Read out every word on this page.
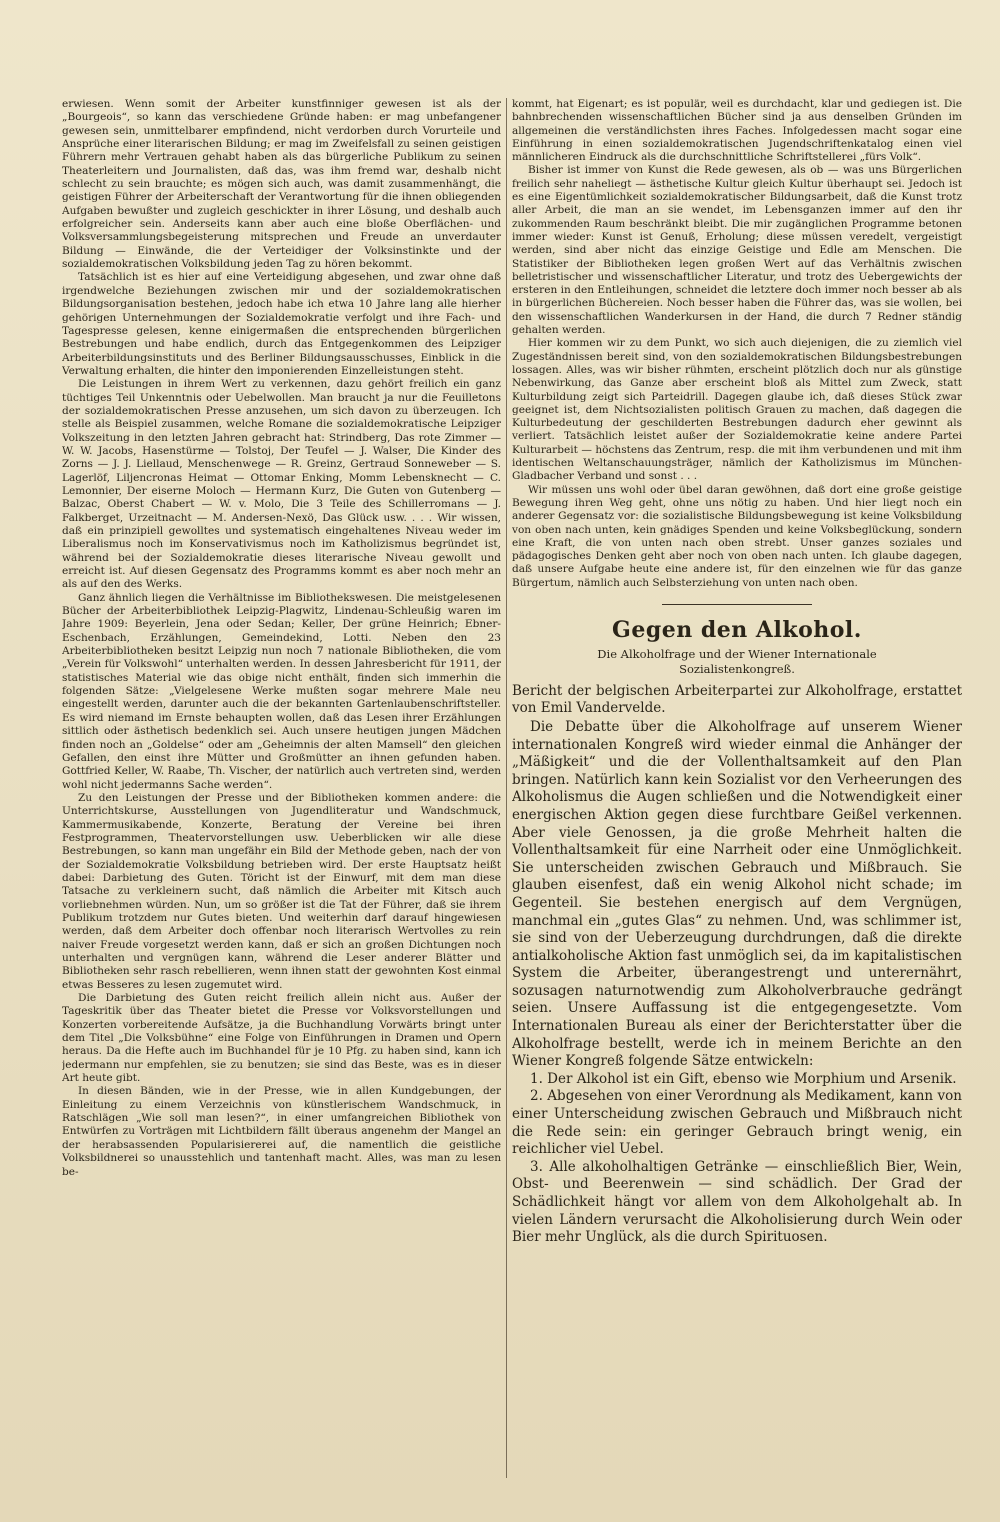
erwiesen. Wenn somit der Arbeiter kunstfinniger gewesen ist als der „Bourgeois“, so kann das verschiedene Gründe haben: er mag unbefangener gewesen sein, unmittelbarer empfindend, nicht verdorben durch Vorurteile und Ansprüche einer literarischen Bildung; er mag im Zweifelsfall zu seinen geistigen Führern mehr Vertrauen gehabt haben als das bürgerliche Publikum zu seinen Theaterleitern und Journalisten, daß das, was ihm fremd war, deshalb nicht schlecht zu sein brauchte; es mögen sich auch, was damit zusammenhängt, die geistigen Führer der Arbeiterschaft der Verantwortung für die ihnen obliegenden Aufgaben bewußter und zugleich geschickter in ihrer Lösung, und deshalb auch erfolgreicher sein. Anderseits kann aber auch eine bloße Oberflächen- und Volksversammlungsbegeisterung mitsprechen und Freude an unverdauter Bildung — Einwände, die der Verteidiger der Volksinstinkte und der sozialdemokratischen Volksbildung jeden Tag zu hören bekommt.

Tatsächlich ist es hier auf eine Verteidigung abgesehen, und zwar ohne daß irgendwelche Beziehungen zwischen mir und der sozialdemokratischen Bildungsorganisation bestehen, jedoch habe ich etwa 10 Jahre lang alle hierher gehörigen Unternehmungen der Sozialdemokratie verfolgt und ihre Fach- und Tagespresse gelesen, kenne einigermaßen die entsprechenden bürgerlichen Bestrebungen und habe endlich, durch das Entgegenkommen des Leipziger Arbeiterbildungsinstituts und des Berliner Bildungsausschusses, Einblick in die Verwaltung erhalten, die hinter den imponierenden Einzelleistungen steht.

Die Leistungen in ihrem Wert zu verkennen, dazu gehört freilich ein ganz tüchtiges Teil Unkenntnis oder Uebelwollen. Man braucht ja nur die Feuilletons der sozialdemokratischen Presse anzusehen, um sich davon zu überzeugen. Ich stelle als Beispiel zusammen, welche Romane die sozialdemokratische Leipziger Volkszeitung in den letzten Jahren gebracht hat: Strindberg, Das rote Zimmer — W. W. Jacobs, Hasenstürme — Tolstoj, Der Teufel — J. Walser, Die Kinder des Zorns — J. J. Liellaud, Menschenwege — R. Greinz, Gertraud Sonneweber — S. Lagerlöf, Liljencronas Heimat — Ottomar Enking, Momm Lebensknecht — C. Lemonnier, Der eiserne Moloch — Hermann Kurz, Die Guten von Gutenberg — Balzac, Oberst Chabert — W. v. Molo, Die 3 Teile des Schillerromans — J. Falkberget, Urzeitnacht — M. Andersen-Nexö, Das Glück usw. . . . Wir wissen, daß ein prinzipiell gewolltes und systematisch eingehaltenes Niveau weder im Liberalismus noch im Konservativismus noch im Katholizismus begründet ist, während bei der Sozialdemokratie dieses literarische Niveau gewollt und erreicht ist. Auf diesen Gegensatz des Programms kommt es aber noch mehr an als auf den des Werks.

Ganz ähnlich liegen die Verhältnisse im Bibliothekswesen. Die meistgelesenen Bücher der Arbeiterbibliothek Leipzig-Plagwitz, Lindenau-Schleußig waren im Jahre 1909: Beyerlein, Jena oder Sedan; Keller, Der grüne Heinrich; Ebner-Eschenbach, Erzählungen, Gemeindekind, Lotti. Neben den 23 Arbeiterbibliotheken besitzt Leipzig nun noch 7 nationale Bibliotheken, die vom „Verein für Volkswohl“ unterhalten werden. In dessen Jahresbericht für 1911, der statistisches Material wie das obige nicht enthält, finden sich immerhin die folgenden Sätze: „Vielgelesene Werke mußten sogar mehrere Male neu eingestellt werden, darunter auch die der bekannten Gartenlaubenschriftsteller. Es wird niemand im Ernste behaupten wollen, daß das Lesen ihrer Erzählungen sittlich oder ästhetisch bedenklich sei. Auch unsere heutigen jungen Mädchen finden noch an „Goldelse“ oder am „Geheimnis der alten Mamsell“ den gleichen Gefallen, den einst ihre Mütter und Großmütter an ihnen gefunden haben. Gottfried Keller, W. Raabe, Th. Vischer, der natürlich auch vertreten sind, werden wohl nicht jedermanns Sache werden“.

Zu den Leistungen der Presse und der Bibliotheken kommen andere: die Unterrichtskurse, Ausstellungen von Jugendliteratur und Wandschmuck, Kammermusikabende, Konzerte, Beratung der Vereine bei ihren Festprogrammen, Theatervorstellungen usw. Ueberblicken wir alle diese Bestrebungen, so kann man ungefähr ein Bild der Methode geben, nach der von der Sozialdemokratie Volksbildung betrieben wird. Der erste Hauptsatz heißt dabei: Darbietung des Guten. Töricht ist der Einwurf, mit dem man diese Tatsache zu verkleinern sucht, daß nämlich die Arbeiter mit Kitsch auch vorliebnehmen würden. Nun, um so größer ist die Tat der Führer, daß sie ihrem Publikum trotzdem nur Gutes bieten. Und weiterhin darf darauf hingewiesen werden, daß dem Arbeiter doch offenbar noch literarisch Wertvolles zu rein naiver Freude vorgesetzt werden kann, daß er sich an großen Dichtungen noch unterhalten und vergnügen kann, während die Leser anderer Blätter und Bibliotheken sehr rasch rebellieren, wenn ihnen statt der gewohnten Kost einmal etwas Besseres zu lesen zugemutet wird.

Die Darbietung des Guten reicht freilich allein nicht aus. Außer der Tageskritik über das Theater bietet die Presse vor Volksvorstellungen und Konzerten vorbereitende Aufsätze, ja die Buchhandlung Vorwärts bringt unter dem Titel „Die Volksbühne“ eine Folge von Einführungen in Dramen und Opern heraus. Da die Hefte auch im Buchhandel für je 10 Pfg. zu haben sind, kann ich jedermann nur empfehlen, sie zu benutzen; sie sind das Beste, was es in dieser Art heute gibt.

In diesen Bänden, wie in der Presse, wie in allen Kundgebungen, der Einleitung zu einem Verzeichnis von künstlerischem Wandschmuck, in Ratschlägen „Wie soll man lesen?“, in einer umfangreichen Bibliothek von Entwürfen zu Vorträgen mit Lichtbildern fällt überaus angenehm der Mangel an der herabsassenden Popularisiererei auf, die namentlich die geistliche Volksbildnerei so unausstehlich und tantenhaft macht. Alles, was man zu lesen be-

kommt, hat Eigenart; es ist populär, weil es durchdacht, klar und gediegen ist. Die bahnbrechenden wissenschaftlichen Bücher sind ja aus denselben Gründen im allgemeinen die verständlichsten ihres Faches. Infolgedessen macht sogar eine Einführung in einen sozialdemokratischen Jugendschriftenkatalog einen viel männlicheren Eindruck als die durchschnittliche Schriftstellerei „fürs Volk“.

Bisher ist immer von Kunst die Rede gewesen, als ob — was uns Bürgerlichen freilich sehr naheliegt — ästhetische Kultur gleich Kultur überhaupt sei. Jedoch ist es eine Eigentümlichkeit sozialdemokratischer Bildungsarbeit, daß die Kunst trotz aller Arbeit, die man an sie wendet, im Lebensganzen immer auf den ihr zukommenden Raum beschränkt bleibt. Die mir zugänglichen Programme betonen immer wieder: Kunst ist Genuß, Erholung; diese müssen veredelt, vergeistigt werden, sind aber nicht das einzige Geistige und Edle am Menschen. Die Statistiker der Bibliotheken legen großen Wert auf das Verhältnis zwischen belletristischer und wissenschaftlicher Literatur, und trotz des Uebergewichts der ersteren in den Entleihungen, schneidet die letztere doch immer noch besser ab als in bürgerlichen Büchereien. Noch besser haben die Führer das, was sie wollen, bei den wissenschaftlichen Wanderkursen in der Hand, die durch 7 Redner ständig gehalten werden.

Hier kommen wir zu dem Punkt, wo sich auch diejenigen, die zu ziemlich viel Zugeständnissen bereit sind, von den sozialdemokratischen Bildungsbestrebungen lossagen. Alles, was wir bisher rühmten, erscheint plötzlich doch nur als günstige Nebenwirkung, das Ganze aber erscheint bloß als Mittel zum Zweck, statt Kulturbildung zeigt sich Parteidrill. Dagegen glaube ich, daß dieses Stück zwar geeignet ist, dem Nichtsozialisten politisch Grauen zu machen, daß dagegen die Kulturbedeutung der geschilderten Bestrebungen dadurch eher gewinnt als verliert. Tatsächlich leistet außer der Sozialdemokratie keine andere Partei Kulturarbeit — höchstens das Zentrum, resp. die mit ihm verbundenen und mit ihm identischen Weltanschauungsträger, nämlich der Katholizismus im München-Gladbacher Verband und sonst . . .

Wir müssen uns wohl oder übel daran gewöhnen, daß dort eine große geistige Bewegung ihren Weg geht, ohne uns nötig zu haben. Und hier liegt noch ein anderer Gegensatz vor: die sozialistische Bildungsbewegung ist keine Volksbildung von oben nach unten, kein gnädiges Spenden und keine Volksbeglückung, sondern eine Kraft, die von unten nach oben strebt. Unser ganzes soziales und pädagogisches Denken geht aber noch von oben nach unten. Ich glaube dagegen, daß unsere Aufgabe heute eine andere ist, für den einzelnen wie für das ganze Bürgertum, nämlich auch Selbsterziehung von unten nach oben.

Gegen den Alkohol.
Die Alkoholfrage und der Wiener Internationale
Sozialistenkongreß.
Bericht der belgischen Arbeiterpartei zur Alkoholfrage, erstattet von Emil Vandervelde.

Die Debatte über die Alkoholfrage auf unserem Wiener internationalen Kongreß wird wieder einmal die Anhänger der „Mäßigkeit“ und die der Vollenthaltsamkeit auf den Plan bringen. Natürlich kann kein Sozialist vor den Verheerungen des Alkoholismus die Augen schließen und die Notwendigkeit einer energischen Aktion gegen diese furchtbare Geißel verkennen. Aber viele Genossen, ja die große Mehrheit halten die Vollenthaltsamkeit für eine Narrheit oder eine Unmöglichkeit. Sie unterscheiden zwischen Gebrauch und Mißbrauch. Sie glauben eisenfest, daß ein wenig Alkohol nicht schade; im Gegenteil. Sie bestehen energisch auf dem Vergnügen, manchmal ein „gutes Glas“ zu nehmen. Und, was schlimmer ist, sie sind von der Ueberzeugung durchdrungen, daß die direkte antialkoholische Aktion fast unmöglich sei, da im kapitalistischen System die Arbeiter, überangestrengt und unterernährt, sozusagen naturnotwendig zum Alkoholverbrauche gedrängt seien. Unsere Auffassung ist die entgegengesetzte. Vom Internationalen Bureau als einer der Berichterstatter über die Alkoholfrage bestellt, werde ich in meinem Berichte an den Wiener Kongreß folgende Sätze entwickeln:

1. Der Alkohol ist ein Gift, ebenso wie Morphium und Arsenik.

2. Abgesehen von einer Verordnung als Medikament, kann von einer Unterscheidung zwischen Gebrauch und Mißbrauch nicht die Rede sein: ein geringer Gebrauch bringt wenig, ein reichlicher viel Uebel.

3. Alle alkoholhaltigen Getränke — einschließlich Bier, Wein, Obst- und Beerenwein — sind schädlich. Der Grad der Schädlichkeit hängt vor allem von dem Alkoholgehalt ab. In vielen Ländern verursacht die Alkoholisierung durch Wein oder Bier mehr Unglück, als die durch Spirituosen.
